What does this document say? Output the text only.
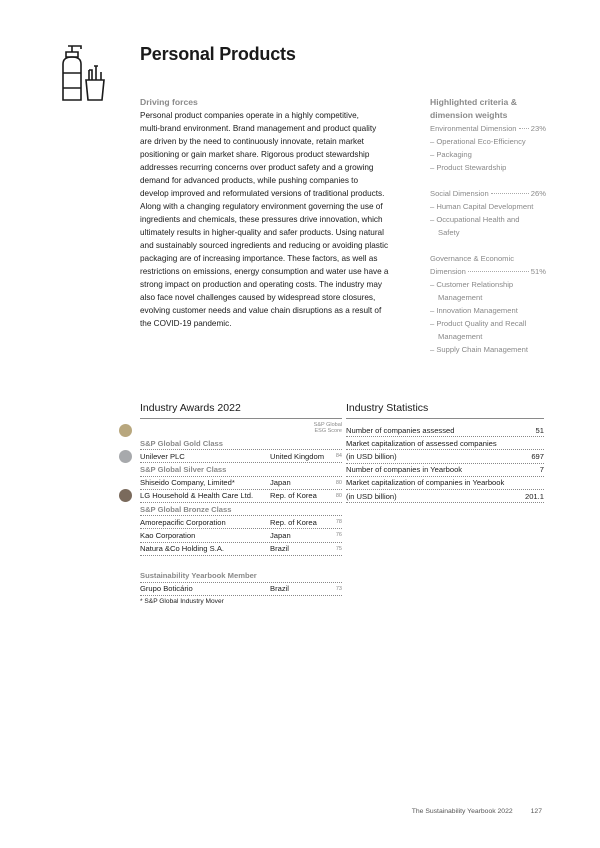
Personal Products
Driving forces
Personal product companies operate in a highly competitive,
multi-brand environment. Brand management and product quality
are driven by the need to continuously innovate, retain market
positioning or gain market share. Rigorous product stewardship
addresses recurring concerns over product safety and a growing
demand for advanced products, while pushing companies to
develop improved and reformulated versions of traditional products.
Along with a changing regulatory environment governing the use of
ingredients and chemicals, these pressures drive innovation, which
ultimately results in higher-quality and safer products. Using natural
and sustainably sourced ingredients and reducing or avoiding plastic
packaging are of increasing importance. These factors, as well as
restrictions on emissions, energy consumption and water use have a
strong impact on production and operating costs. The industry may
also face novel challenges caused by widespread store closures,
evolving customer needs and value chain disruptions as a result of
the COVID-19 pandemic.
Highlighted criteria &
dimension weights
Environmental Dimension 23%
– Operational Eco-Efficiency
– Packaging
– Product Stewardship
Social Dimension	26%
– Human Capital Development
– Occupational Health and
Safety
Governance & Economic
Dimension	51%
– Customer Relationship
Management
– Innovation Management
– Product Quality and Recall
Management
– Supply Chain Management
Industry Awards 2022
S&P Global
ESG Score
S&P Global Gold Class
Unilever PLC	United Kingdom	84
S&P Global Silver Class
Shiseido Company, Limited*	Japan	80
LG Household & Health Care Ltd.	Rep. of Korea	80
S&P Global Bronze Class
Amorepacific Corporation	Rep. of Korea	78
Kao Corporation	Japan	76
Natura &Co Holding S.A.	Brazil	75
Sustainability Yearbook Member
Grupo Boticário	Brazil	73
Industry Statistics
Number of companies assessed	51
Market capitalization of assessed companies
(in USD billion)	697
Number of companies in Yearbook	7
Market capitalization of companies in Yearbook
(in USD billion)	201.1
* S&P Global Industry Mover
The Sustainability Yearbook 2022	127
